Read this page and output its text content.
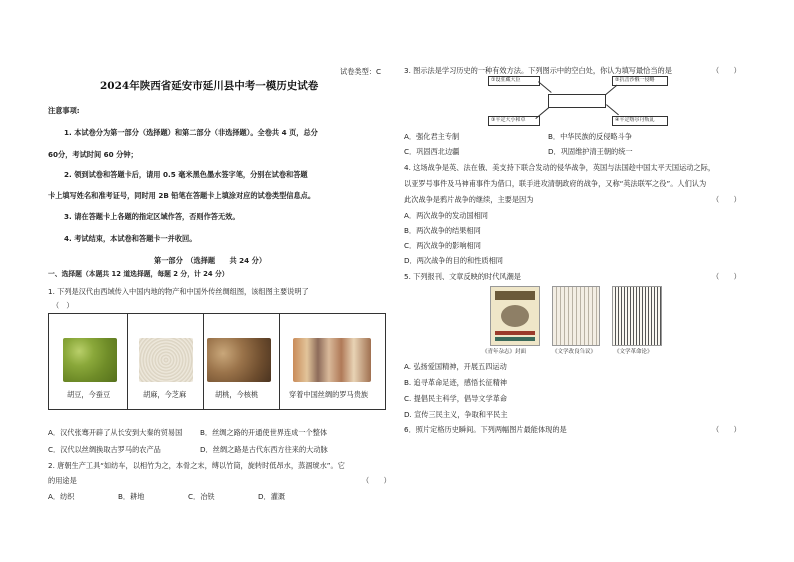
试卷类型：C
2024年陕西省延安市延川县中考一模历史试卷
注意事项:
1. 本试卷分为第一部分（选择题）和第二部分（非选择题）。全卷共 4 页，总分
60分，考试时间 60 分钟；
2. 领到试卷和答题卡后，请用 0.5 毫米黑色墨水签字笔，分别在试卷和答题
卡上填写姓名和准考证号，同时用 2B 铅笔在答题卡上填涂对应的试卷类型信息点。
3. 请在答题卡上各题的指定区域作答，否则作答无效。
4. 考试结束，本试卷和答题卡一并收回。
第一部分　（选择题　　共 24 分）
一、选择题（本题共 12 道选择题，每题 2 分，计 24 分）
1. 下列是汉代由西域传入中国内地的物产和中国外传丝绸组图，该组图主要说明了
（　）
胡豆，今蚕豆	胡麻，今芝麻	胡桃，今核桃	穿着中国丝绸的罗马贵族
A．汉代张骞开辟了从长安到大秦的贸易国 B．丝绸之路的开通使世界连成一个整体
C．汉代以丝绸换取古罗马的农产品	D．丝绸之路是古代东西方往来的大动脉
2. 唐朝生产工具“如纺车，以相竹为之，本骨之末，缚以竹筒，旋转时低昂水，蒸涸琥水”。它
的用途是	（　　）
A．纺织	B．耕地	C．冶铁	D．灌溉
3. 图示法是学习历史的一种有效方法。下列图示中的空白处，你认为填写最恰当的是	（　　）
①设驻藏大臣	②抗击沙俄一侵略
③平定大小和卓	④平定喀尔丹叛乱
A．强化君主专制	B．中华民族的反侵略斗争
C．巩固西北边疆	D．巩固维护清王朝的统一
4. 这场战争是英、法在俄、美支持下联合发动的侵华战争，英国与法国趁中国太平天国运动之际，
以亚罗号事件及马神甫事件为借口，联手进攻清朝政府的战争，又称“英法联军之役”。人们认为
此次战争是鸦片战争的继续，主要是因为	（　　）
A．两次战争的发动国相同
B．两次战争的结果相同
C．两次战争的影响相同
D．两次战争的目的和性质相同
5. 下列报刊、文章反映的时代风潮是	（　　）
《青年杂志》封面	《文学改良刍议》	《文学革命论》
A. 弘扬爱国精神，开展五四运动
B. 追寻革命足迹，感悟长征精神
C. 提倡民主科学，倡导文学革命
D. 宣传三民主义，争取和平民主
6．照片定格历史瞬间。下列两幅图片最能体现的是	（　　）
